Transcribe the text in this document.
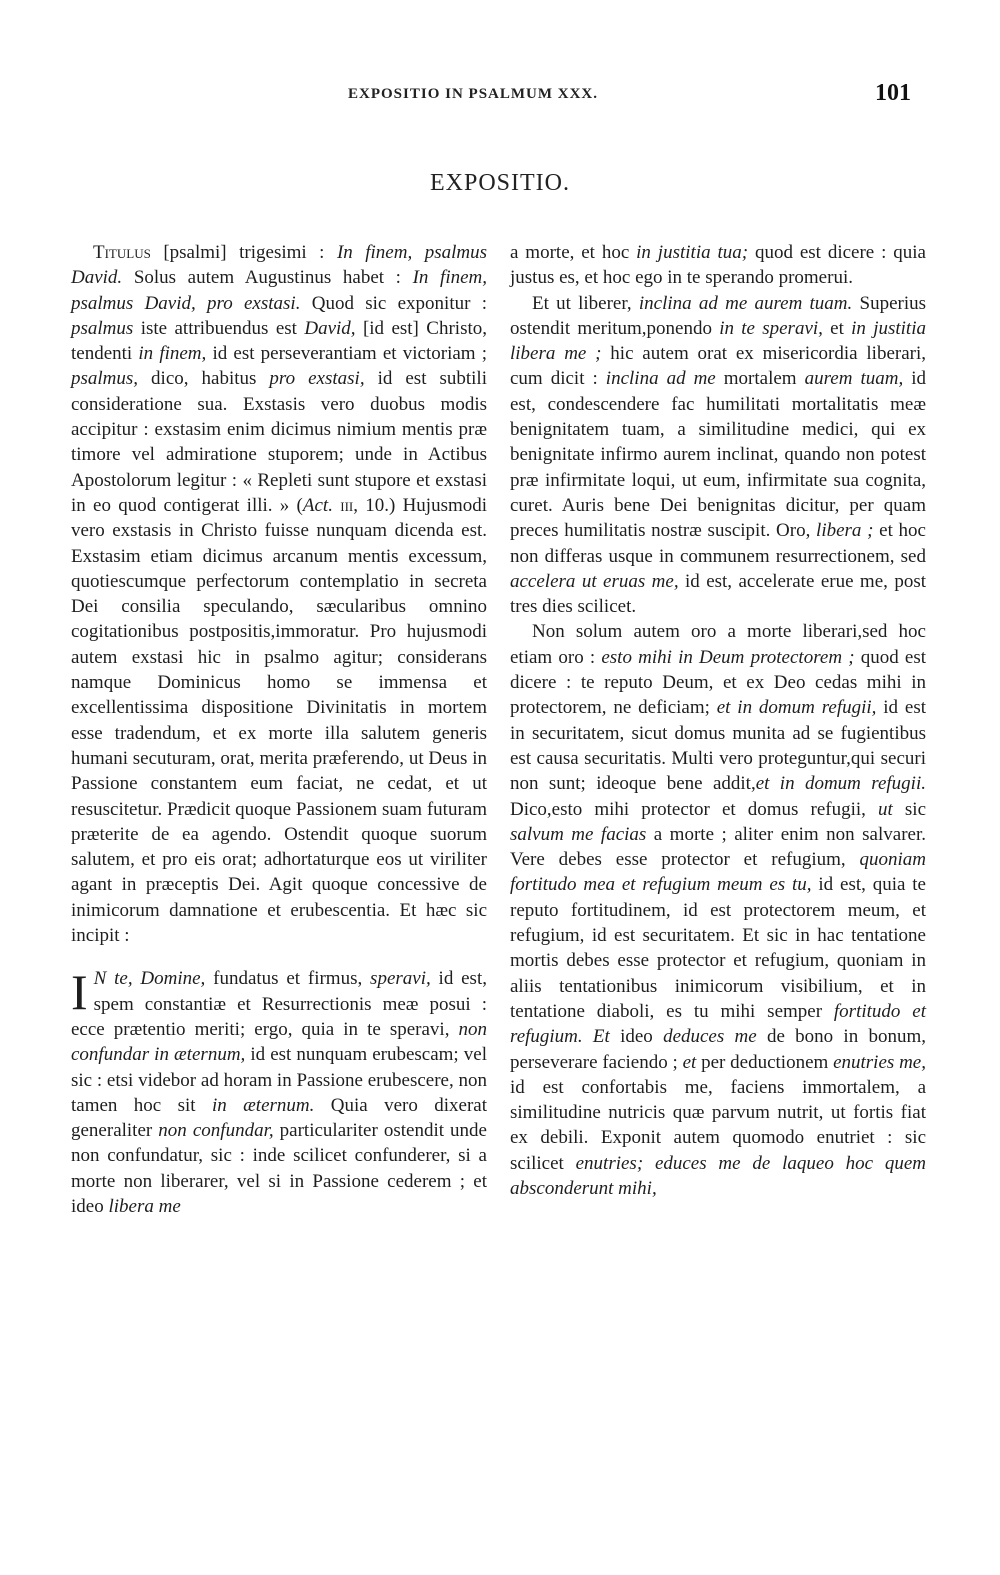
EXPOSITIO IN PSALMUM XXX.	101
EXPOSITIO.

Titulus [psalmi] trigesimi : In finem, psalmus David. Solus autem Augustinus habet : In finem, psalmus David, pro exstasi. Quod sic exponitur : psalmus iste attribuendus est David, [id est] Christo, tendenti in finem, id est perseverantiam et victoriam ; psalmus, dico, habitus pro exstasi, id est subtili consideratione sua. Exstasis vero duobus modis accipitur : exstasim enim dicimus nimium mentis præ timore vel admiratione stuporem; unde in Actibus Apostolorum legitur : « Repleti sunt stupore et exstasi in eo quod contigerat illi. » (Act. iii, 10.) Hujusmodi vero exstasis in Christo fuisse nunquam dicenda est. Exstasim etiam dicimus arcanum mentis excessum, quotiescumque perfectorum contemplatio in secreta Dei consilia speculando, sæcularibus omnino cogitationibus postpositis,immoratur. Pro hujusmodi autem exstasi hic in psalmo agitur; considerans namque Dominicus homo se immensa et excellentissima dispositione Divinitatis in mortem esse tradendum, et ex morte illa salutem generis humani secuturam, orat, merita præferendo, ut Deus in Passione constantem eum faciat, ne cedat, et ut resuscitetur. Prædicit quoque Passionem suam futuram præterite de ea agendo. Ostendit quoque suorum salutem, et pro eis orat; adhortaturque eos ut viriliter agant in præceptis Dei. Agit quoque concessive de inimicorum damnatione et erubescentia. Et hæc sic incipit :

I N te, Domine, fundatus et firmus, speravi, id est, spem constantiæ et Resurrectionis meæ posui : ecce prætentio meriti; ergo, quia in te speravi, non confundar in æternum, id est nunquam erubescam; vel sic : etsi videbor ad horam in Passione erubescere, non tamen hoc sit in æternum. Quia vero dixerat generaliter non confundar, particulariter ostendit unde non confundatur, sic : inde scilicet confunderer, si a morte non liberarer, vel si in Passione cederem ; et ideo libera me

a morte, et hoc in justitia tua; quod est dicere : quia justus es, et hoc ego in te sperando promerui.

Et ut liberer, inclina ad me aurem tuam. Superius ostendit meritum,ponendo in te speravi, et in justitia libera me ; hic autem orat ex misericordia liberari, cum dicit : inclina ad me mortalem aurem tuam, id est, condescendere fac humilitati mortalitatis meæ benignitatem tuam, a similitudine medici, qui ex benignitate infirmo aurem inclinat, quando non potest præ infirmitate loqui, ut eum, infirmitate sua cognita, curet. Auris bene Dei benignitas dicitur, per quam preces humilitatis nostræ suscipit. Oro, libera ; et hoc non differas usque in communem resurrectionem, sed accelera ut eruas me, id est, accelerate erue me, post tres dies scilicet.

Non solum autem oro a morte liberari,sed hoc etiam oro : esto mihi in Deum protectorem ; quod est dicere : te reputo Deum, et ex Deo cedas mihi in protectorem, ne deficiam; et in domum refugii, id est in securitatem, sicut domus munita ad se fugientibus est causa securitatis. Multi vero proteguntur,qui securi non sunt; ideoque bene addit,et in domum refugii. Dico,esto mihi protector et domus refugii, ut sic salvum me facias a morte ; aliter enim non salvarer. Vere debes esse protector et refugium, quoniam fortitudo mea et refugium meum es tu, id est, quia te reputo fortitudinem, id est protectorem meum, et refugium, id est securitatem. Et sic in hac tentatione mortis debes esse protector et refugium, quoniam in aliis tentationibus inimicorum visibilium, et in tentatione diaboli, es tu mihi semper fortitudo et refugium. Et ideo deduces me de bono in bonum, perseverare faciendo ; et per deductionem enutries me, id est confortabis me, faciens immortalem, a similitudine nutricis quæ parvum nutrit, ut fortis fiat ex debili. Exponit autem quomodo enutriet : sic scilicet enutries; educes me de laqueo hoc quem absconderunt mihi,
